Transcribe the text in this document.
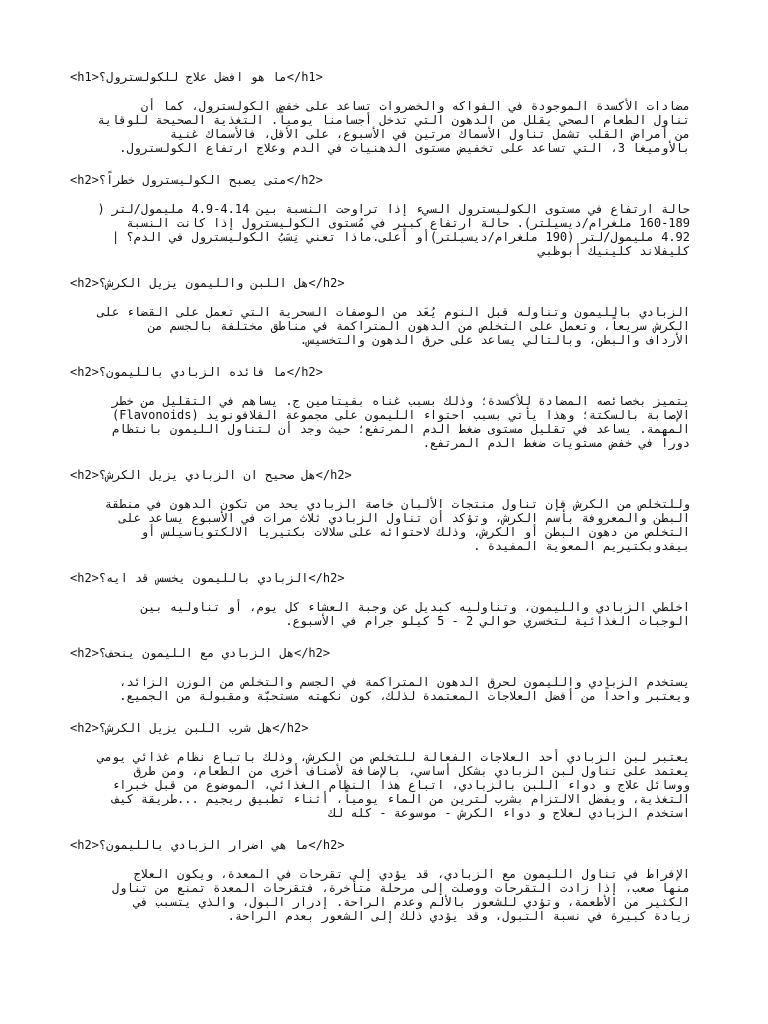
<h1>ما هو افضل علاج للكولسترول؟</h1>
مضادات الأكسدة الموجودة في الفواكه والخضروات تساعد على خفض الكولسترول، كما أن
تناول الطعام الصحي يقلل من الدهون التي تدخل أجسامنا يومياً. التغذية الصحيحة للوقاية
من أمراض القلب تشمل تناول الأسماك مرتين في الأسبوع، على الأقل، فالأسماك غنية
بالأوميغا 3، التي تساعد على تخفيض مستوى الدهنيات في الدم وعلاج ارتفاع الكولسترول.
<h2>متى يصبح الكوليسترول خطراً؟</h2>
حالة ارتفاع في مستوى الكوليسترول السيء إذا تراوحت النسبة بين 4.14-4.9 مليمول/لتر (
160-189 ملغرام/ديسيلتر). حالة ارتفاع كبير في مُستوى الكوليسترول إذا كانت النسبة
4.92 مليمول/لتر (190 ملغرام/ديسيلتر)أو أعلى.ماذا تعني نِسَبُ الكوليسترول في الدم؟ |
كليفلاند كلينيك أبوظبي
<h2>هل اللبن والليمون يزيل الكرش؟</h2>
الزبادي بالليمون وتناوله قبل النوم يُعَد من الوصفات السحرية التي تعمل على القضاء على
الكرش سريعاً، وتعمل على التخلص من الدهون المتراكمة في مناطق مختلفة بالجسم من
الأرداف والبطن، وبالتالي يساعد على حرق الدهون والتخسيس.
<h2>ما فائده الزبادي بالليمون؟</h2>
يتميز بخصائصه المضادة للأكسدة؛ وذلك بسبب غناه بفيتامين ج. يساهم في التقليل من خطر
الإصابة بالسكتة؛ وهذا يأتي بسبب احتواء الليمون على مجموعة الفلافونويد (Flavonoids)
المهمة. يساعد في تقليل مستوى ضغط الدم المرتفع؛ حيث وجد أن لتناول الليمون بانتظام
دوراً في خفض مستويات ضغط الدم المرتفع.
<h2>هل صحيح ان الزبادي يزيل الكرش؟</h2>
وللتخلص من الكرش فإن تناول منتجات الألبان خاصة الزبادي يحد من تكون الدهون في منطقة
البطن والمعروفة بأسم الكرش، وتؤكد أن تناول الزبادي ثلاث مرات في الأسبوع يساعد على
التخلص من دهون البطن أو الكرش، وذلك لاحتوائه على سلالات بكتيريا الالكتوباسيلس أو
بيفدوبكتيريم المعوية المفيدة .
<h2>الزبادي بالليمون يخسس قد ايه؟</h2>
اخلطي الزبادي والليمون، وتناوليه كبديل عن وجبة العشاء كل يوم، أو تناوليه بين
الوجبات الغذائية لتخسري حوالي 2 - 5 كيلو جرام في الأسبوع.
<h2>هل الزبادي مع الليمون ينحف؟</h2>
يستخدم الزبادي والليمون لحرق الدهون المتراكمة في الجسم والتخلص من الوزن الزائد،
ويعتبر واحداً من أفضل العلاجات المعتمدة لذلك، كون نكهته مستحبّة ومقبولة من الجميع.
<h2>هل شرب اللبن يزيل الكرش؟</h2>
يعتبر لبن الزبادي أحد العلاجات الفعالة للتخلص من الكرش، وذلك باتباع نظام غذائي يومي
يعتمد على تناول لبن الزبادي بشكل أساسي، بالإضافة لأصناف أخرى من الطعام، ومن طرق
ووسائل علاج و دواء اللبن بالزبادي، اتباع هذا النظام الغذائي، الموضوع من قبل خبراء
التغذية، ويفضل الالتزام بشرب لترين من الماء يومياً، أثناء تطبيق ريجيم ...طريقة كيف
استخدم الزبادي لعلاج و دواء الكرش - موسوعة - كله لك
<h2>ما هي اضرار الزبادي بالليمون؟</h2>
الإفراط في تناول الليمون مع الزبادي، قد يؤدي إلى تقرحات في المعدة، ويكون العلاج
منها صعب، إذا زادت التقرحات ووصلت إلى مرحلة متأخرة، فتقرحات المعدة تمنع من تناول
الكثير من الأطعمة، وتؤدي للشعور بالألم وعدم الراحة. إدرار البول، والذي يتسبب في
زيادة كبيرة في نسبة التبول، وقد يؤدي ذلك إلى الشعور بعدم الراحة.
